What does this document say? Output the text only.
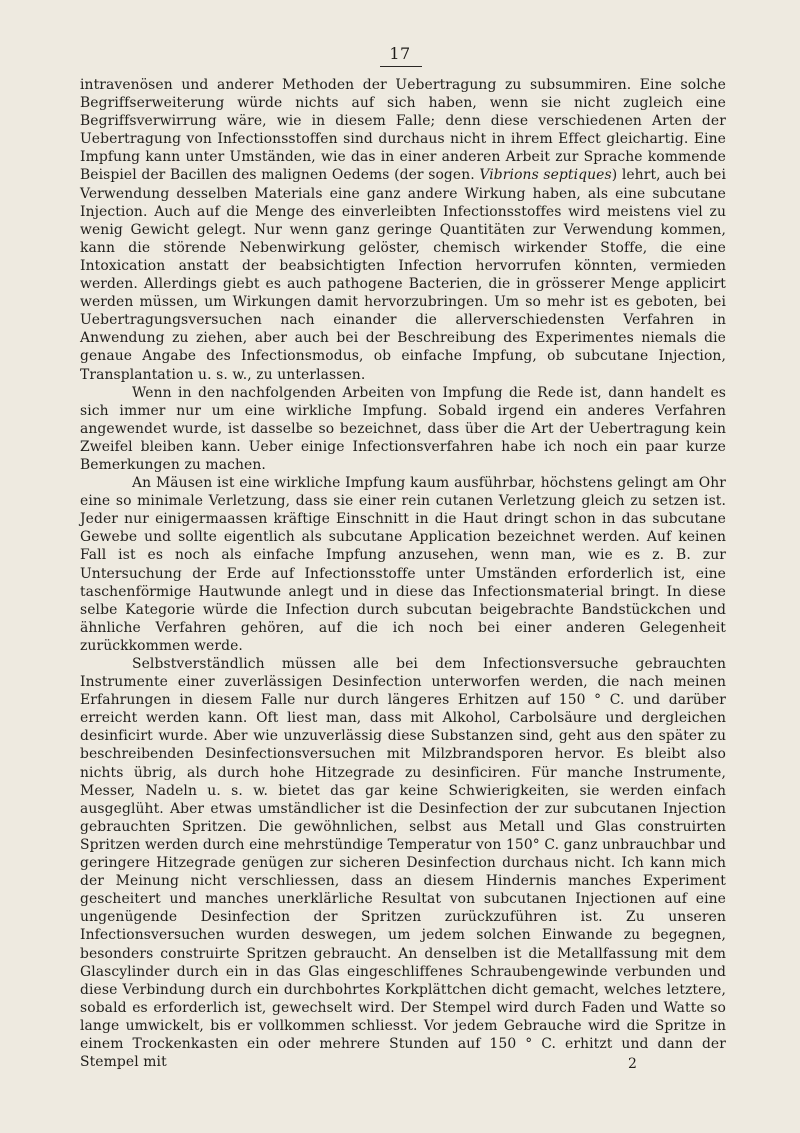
17

intravenösen und anderer Methoden der Uebertragung zu subsummiren. Eine solche Begriffserweiterung würde nichts auf sich haben, wenn sie nicht zugleich eine Begriffsverwirrung wäre, wie in diesem Falle; denn diese verschiedenen Arten der Uebertragung von Infectionsstoffen sind durchaus nicht in ihrem Effect gleichartig. Eine Impfung kann unter Umständen, wie das in einer anderen Arbeit zur Sprache kommende Beispiel der Bacillen des malignen Oedems (der sogen. Vibrions septiques) lehrt, auch bei Verwendung desselben Materials eine ganz andere Wirkung haben, als eine subcutane Injection. Auch auf die Menge des einverleibten Infectionsstoffes wird meistens viel zu wenig Gewicht gelegt. Nur wenn ganz geringe Quantitäten zur Verwendung kommen, kann die störende Nebenwirkung gelöster, chemisch wirkender Stoffe, die eine Intoxication anstatt der beabsichtigten Infection hervorrufen könnten, vermieden werden. Allerdings giebt es auch pathogene Bacterien, die in grösserer Menge applicirt werden müssen, um Wirkungen damit hervorzubringen. Um so mehr ist es geboten, bei Uebertragungsversuchen nach einander die allerverschiedensten Verfahren in Anwendung zu ziehen, aber auch bei der Beschreibung des Experimentes niemals die genaue Angabe des Infectionsmodus, ob einfache Impfung, ob subcutane Injection, Transplantation u. s. w., zu unterlassen.

Wenn in den nachfolgenden Arbeiten von Impfung die Rede ist, dann handelt es sich immer nur um eine wirkliche Impfung. Sobald irgend ein anderes Verfahren angewendet wurde, ist dasselbe so bezeichnet, dass über die Art der Uebertragung kein Zweifel bleiben kann. Ueber einige Infectionsverfahren habe ich noch ein paar kurze Bemerkungen zu machen.

An Mäusen ist eine wirkliche Impfung kaum ausführbar, höchstens gelingt am Ohr eine so minimale Verletzung, dass sie einer rein cutanen Verletzung gleich zu setzen ist. Jeder nur einigermaassen kräftige Einschnitt in die Haut dringt schon in das subcutane Gewebe und sollte eigentlich als subcutane Application bezeichnet werden. Auf keinen Fall ist es noch als einfache Impfung anzusehen, wenn man, wie es z. B. zur Untersuchung der Erde auf Infectionsstoffe unter Umständen erforderlich ist, eine taschenförmige Hautwunde anlegt und in diese das Infectionsmaterial bringt. In diese selbe Kategorie würde die Infection durch subcutan beigebrachte Bandstückchen und ähnliche Verfahren gehören, auf die ich noch bei einer anderen Gelegenheit zurückkommen werde.

Selbstverständlich müssen alle bei dem Infectionsversuche gebrauchten Instrumente einer zuverlässigen Desinfection unterworfen werden, die nach meinen Erfahrungen in diesem Falle nur durch längeres Erhitzen auf 150 ° C. und darüber erreicht werden kann. Oft liest man, dass mit Alkohol, Carbolsäure und dergleichen desinficirt wurde. Aber wie unzuverlässig diese Substanzen sind, geht aus den später zu beschreibenden Desinfectionsversuchen mit Milzbrandsporen hervor. Es bleibt also nichts übrig, als durch hohe Hitzegrade zu desinficiren. Für manche Instrumente, Messer, Nadeln u. s. w. bietet das gar keine Schwierigkeiten, sie werden einfach ausgeglüht. Aber etwas umständlicher ist die Desinfection der zur subcutanen Injection gebrauchten Spritzen. Die gewöhnlichen, selbst aus Metall und Glas construirten Spritzen werden durch eine mehrstündige Temperatur von 150° C. ganz unbrauchbar und geringere Hitzegrade genügen zur sicheren Desinfection durchaus nicht. Ich kann mich der Meinung nicht verschliessen, dass an diesem Hindernis manches Experiment gescheitert und manches unerklärliche Resultat von subcutanen Injectionen auf eine ungenügende Desinfection der Spritzen zurückzuführen ist. Zu unseren Infectionsversuchen wurden deswegen, um jedem solchen Einwande zu begegnen, besonders construirte Spritzen gebraucht. An denselben ist die Metallfassung mit dem Glascylinder durch ein in das Glas eingeschliffenes Schraubengewinde verbunden und diese Verbindung durch ein durchbohrtes Korkplättchen dicht gemacht, welches letztere, sobald es erforderlich ist, gewechselt wird. Der Stempel wird durch Faden und Watte so lange umwickelt, bis er vollkommen schliesst. Vor jedem Gebrauche wird die Spritze in einem Trockenkasten ein oder mehrere Stunden auf 150 ° C. erhitzt und dann der Stempel mit	2
